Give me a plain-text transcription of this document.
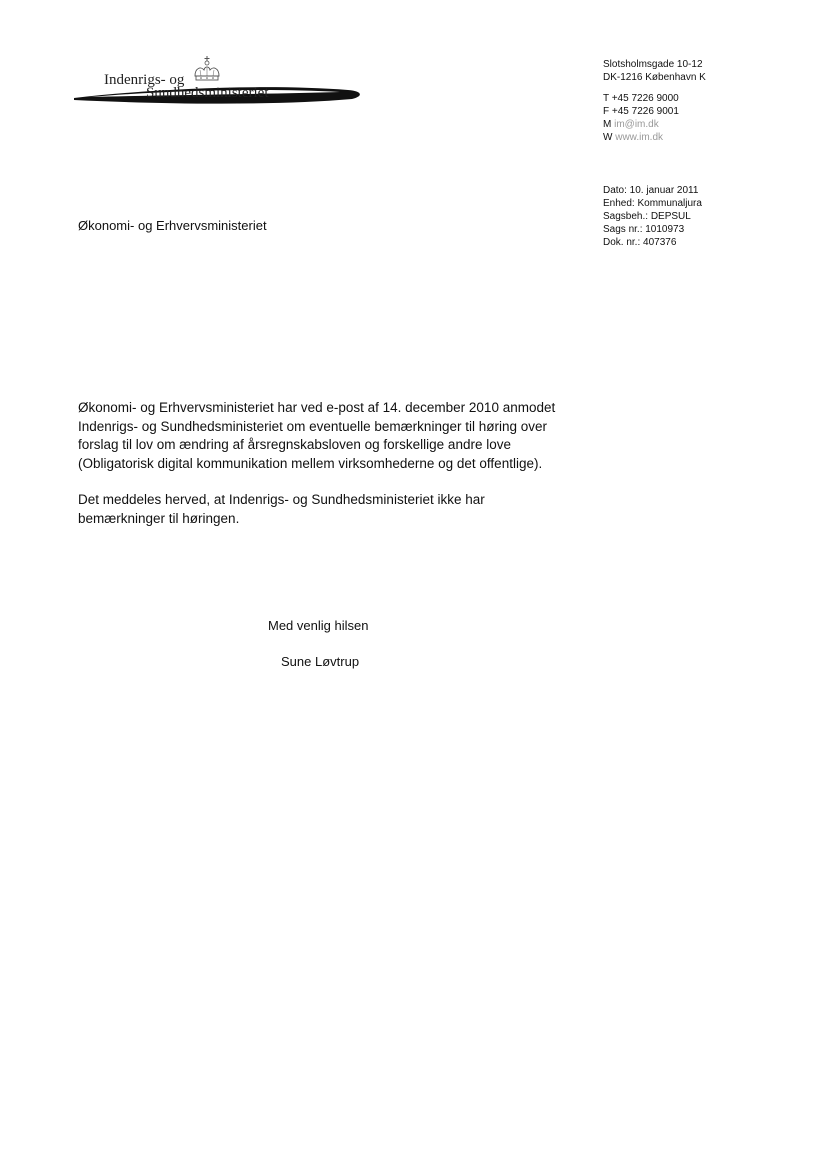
Indenrigs- og
Sundhedsministeriet
Slotsholmsgade 10-12
DK-1216 København K
T +45 7226 9000
F +45 7226 9001
M im@im.dk
W www.im.dk
Dato: 10. januar 2011
Enhed: Kommunaljura
Sagsbeh.: DEPSUL
Sags nr.: 1010973
Dok. nr.: 407376
Økonomi- og Erhvervsministeriet

Økonomi- og Erhvervsministeriet har ved e-post af 14. december 2010 anmodet Indenrigs- og Sundhedsministeriet om eventuelle bemærkninger til høring over forslag til lov om ændring af årsregnskabsloven og forskellige andre love (Obligatorisk digital kommunikation mellem virksomhederne og det offentlige).

Det meddeles herved, at Indenrigs- og Sundhedsministeriet ikke har bemærkninger til høringen.

Med venlig hilsen
Sune Løvtrup
